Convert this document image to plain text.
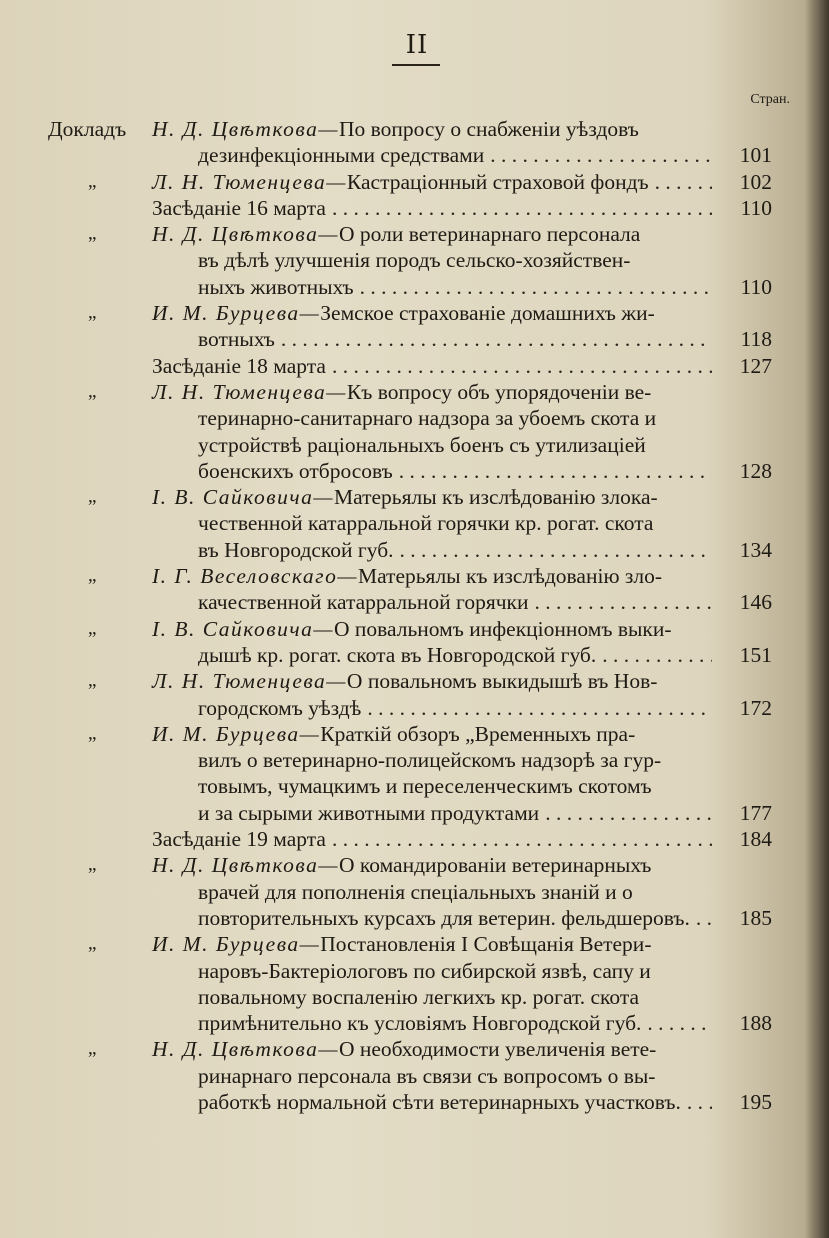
II
Стран.
Докладъ	Н. Д. Цвѣткова—По вопросу о снабженіи уѣздовъ
дезинфекціонными средствами . . .	101
„	Л. Н. Тюменцева—Кастраціонный страховой фондъ . . .	102
Засѣданіе 16 марта . . .	110
„	Н. Д. Цвѣткова—О роли ветеринарнаго персонала
въ дѣлѣ улучшенія породъ сельско-хозяйствен-
ныхъ животныхъ . . .	110
„	И. М. Бурцева—Земское страхованіе домашнихъ жи-
вотныхъ . . .	118
Засѣданіе 18 марта . . .	127
„	Л. Н. Тюменцева—Къ вопросу объ упорядоченіи ве-
теринарно-санитарнаго надзора за убоемъ скота и
устройствѣ раціональныхъ боенъ съ утилизаціей
боенскихъ отбросовъ . . .	128
„	I. В. Сайковича—Матерьялы къ изслѣдованію злока-
чественной катарральной горячки кр. рогат. скота
въ Новгородской губ. . . .	134
„	I. Г. Веселовскаго—Матерьялы къ изслѣдованію зло-
качественной катарральной горячки . . .	146
„	I. В. Сайковича—О повальномъ инфекціонномъ выки-
дышѣ кр. рогат. скота въ Новгородской губ. . . .	151
„	Л. Н. Тюменцева—О повальномъ выкидышѣ въ Нов-
городскомъ уѣздѣ . . .	172
„	И. М. Бурцева—Краткій обзоръ „Временныхъ пра-
вилъ о ветеринарно-полицейскомъ надзорѣ за гур-
товымъ, чумацкимъ и переселенческимъ скотомъ
и за сырыми животными продуктами . . .	177
Засѣданіе 19 марта . . .	184
„	Н. Д. Цвѣткова—О командированіи ветеринарныхъ
врачей для пополненія спеціальныхъ знаній и о
повторительныхъ курсахъ для ветерин. фельдшеровъ. . . .	185
„	И. М. Бурцева—Постановленія I Совѣщанія Ветери-
наровъ-Бактеріологовъ по сибирской язвѣ, сапу и
повальному воспаленію легкихъ кр. рогат. скота
примѣнительно къ условіямъ Новгородской губ. . . .	188
„	Н. Д. Цвѣткова—О необходимости увеличенія вете-
ринарнаго персонала въ связи съ вопросомъ о вы-
работкѣ нормальной сѣти ветеринарныхъ участковъ. . . .	195
